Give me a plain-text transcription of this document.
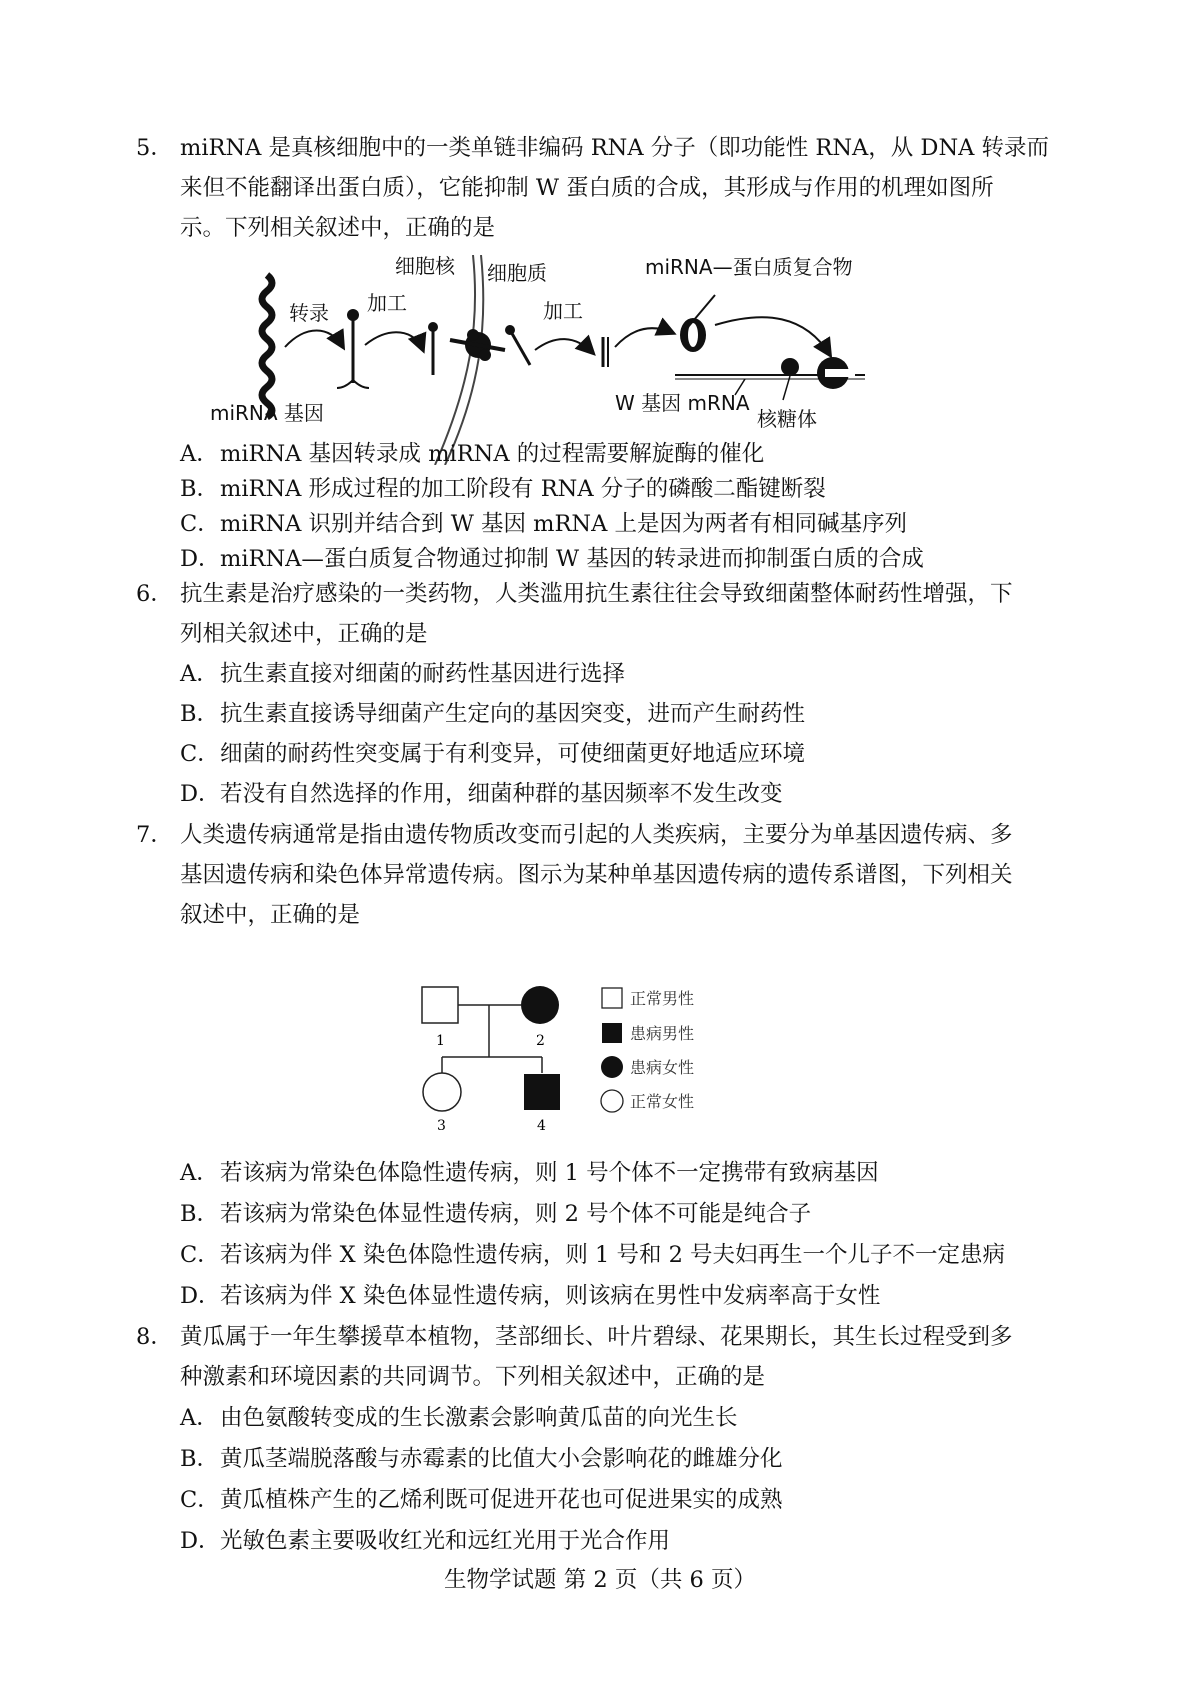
5． miRNA 是真核细胞中的一类单链非编码 RNA 分子（即功能性 RNA，从 DNA 转录而
来但不能翻译出蛋白质），它能抑制 W 蛋白质的合成，其形成与作用的机理如图所
示。下列相关叙述中，正确的是
细胞核 细胞质	miRNA—蛋白质复合物
转录 加工	加工
miRNA 基因	W 基因 mRNA
核糖体
A．miRNA 基因转录成 miRNA 的过程需要解旋酶的催化
B．miRNA 形成过程的加工阶段有 RNA 分子的磷酸二酯键断裂
C．miRNA 识别并结合到 W 基因 mRNA 上是因为两者有相同碱基序列
D．miRNA—蛋白质复合物通过抑制 W 基因的转录进而抑制蛋白质的合成
6． 抗生素是治疗感染的一类药物，人类滥用抗生素往往会导致细菌整体耐药性增强，下
列相关叙述中，正确的是
A．抗生素直接对细菌的耐药性基因进行选择
B．抗生素直接诱导细菌产生定向的基因突变，进而产生耐药性
C．细菌的耐药性突变属于有利变异，可使细菌更好地适应环境
D．若没有自然选择的作用，细菌种群的基因频率不发生改变
7． 人类遗传病通常是指由遗传物质改变而引起的人类疾病，主要分为单基因遗传病、多
基因遗传病和染色体异常遗传病。图示为某种单基因遗传病的遗传系谱图，下列相关
叙述中，正确的是
1	2
3	4
正常男性
患病男性
患病女性
正常女性
A．若该病为常染色体隐性遗传病，则 1 号个体不一定携带有致病基因
B．若该病为常染色体显性遗传病，则 2 号个体不可能是纯合子
C．若该病为伴 X 染色体隐性遗传病，则 1 号和 2 号夫妇再生一个儿子不一定患病
D．若该病为伴 X 染色体显性遗传病，则该病在男性中发病率高于女性
8． 黄瓜属于一年生攀援草本植物，茎部细长、叶片碧绿、花果期长，其生长过程受到多
种激素和环境因素的共同调节。下列相关叙述中，正确的是
A．由色氨酸转变成的生长激素会影响黄瓜苗的向光生长
B．黄瓜茎端脱落酸与赤霉素的比值大小会影响花的雌雄分化
C．黄瓜植株产生的乙烯利既可促进开花也可促进果实的成熟
D．光敏色素主要吸收红光和远红光用于光合作用
生物学试题 第 2 页（共 6 页）
